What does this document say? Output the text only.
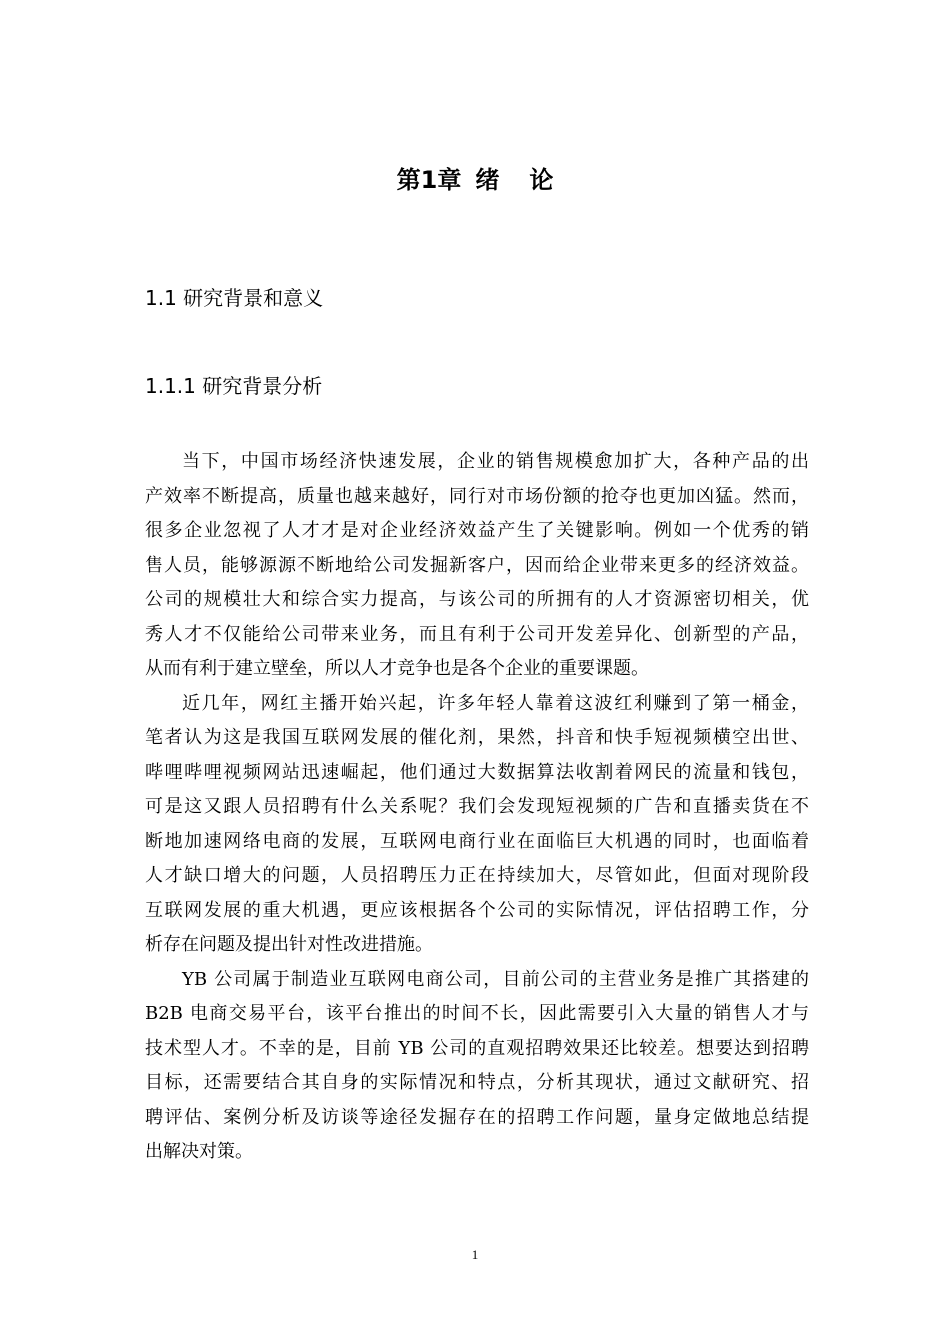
第1章 绪 论
1.1 研究背景和意义
1.1.1 研究背景分析
当下，中国市场经济快速发展，企业的销售规模愈加扩大，各种产品的出
产效率不断提高，质量也越来越好，同行对市场份额的抢夺也更加凶猛。然而，
很多企业忽视了人才才是对企业经济效益产生了关键影响。例如一个优秀的销
售人员，能够源源不断地给公司发掘新客户，因而给企业带来更多的经济效益。
公司的规模壮大和综合实力提高，与该公司的所拥有的人才资源密切相关，优
秀人才不仅能给公司带来业务，而且有利于公司开发差异化、创新型的产品，
从而有利于建立壁垒，所以人才竞争也是各个企业的重要课题。
近几年，网红主播开始兴起，许多年轻人靠着这波红利赚到了第一桶金，
笔者认为这是我国互联网发展的催化剂，果然，抖音和快手短视频横空出世、
哔哩哔哩视频网站迅速崛起，他们通过大数据算法收割着网民的流量和钱包，
可是这又跟人员招聘有什么关系呢？我们会发现短视频的广告和直播卖货在不
断地加速网络电商的发展，互联网电商行业在面临巨大机遇的同时，也面临着
人才缺口增大的问题，人员招聘压力正在持续加大，尽管如此，但面对现阶段
互联网发展的重大机遇，更应该根据各个公司的实际情况，评估招聘工作，分
析存在问题及提出针对性改进措施。
YB 公司属于制造业互联网电商公司，目前公司的主营业务是推广其搭建的
B2B 电商交易平台，该平台推出的时间不长，因此需要引入大量的销售人才与
技术型人才。不幸的是，目前 YB 公司的直观招聘效果还比较差。想要达到招聘
目标，还需要结合其自身的实际情况和特点，分析其现状，通过文献研究、招
聘评估、案例分析及访谈等途径发掘存在的招聘工作问题，量身定做地总结提
出解决对策。
1
